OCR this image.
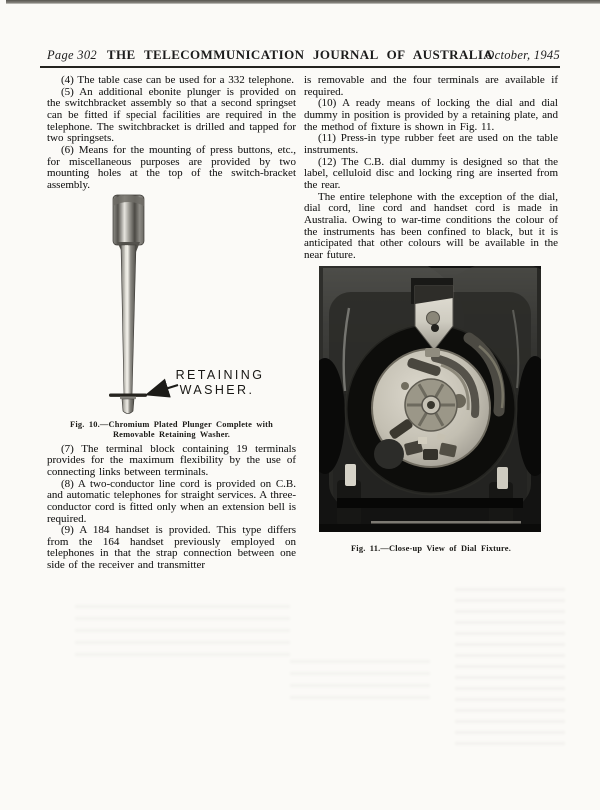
Page 302 THE TELECOMMUNICATION JOURNAL OF AUSTRALIA
October, 1945

(4) The table case can be used for a 332 telephone.

(5) An additional ebonite plunger is provided on the switchbracket assembly so that a second springset can be fitted if special facilities are required in the telephone. The switchbracket is drilled and tapped for two springsets.

(6) Means for the mounting of press buttons, etc., for miscellaneous purposes are provided by two mounting holes at the top of the switch-bracket assembly.

RETAINING
WASHER.
Fig. 10.—Chromium Plated Plunger Complete with Removable Retaining Washer.

(7) The terminal block containing 19 terminals provides for the maximum flexibility by the use of connecting links between terminals.

(8) A two-conductor line cord is provided on C.B. and automatic telephones for straight services. A three-conductor cord is fitted only when an extension bell is required.

(9) A 184 handset is provided. This type differs from the 164 handset previously employed on telephones in that the strap connection between one side of the receiver and transmitter

is removable and the four terminals are available if required.

(10) A ready means of locking the dial and dial dummy in position is provided by a retaining plate, and the method of fixture is shown in Fig. 11.

(11) Press-in type rubber feet are used on the table instruments.

(12) The C.B. dial dummy is designed so that the label, celluloid disc and locking ring are inserted from the rear.

The entire telephone with the exception of the dial, dial cord, line cord and handset cord is made in Australia. Owing to war-time conditions the colour of the instruments has been confined to black, but it is anticipated that other colours will be available in the near future.

Fig. 11.—Close-up View of Dial Fixture.
